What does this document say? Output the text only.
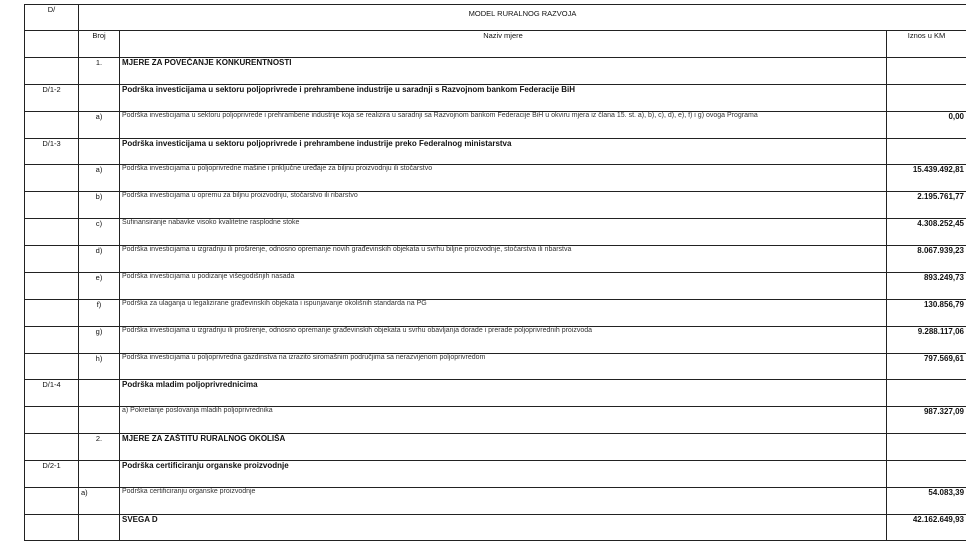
D/	MODEL RURALNOG RAZVOJA		
	Broj	Naziv mjere	Iznos u KM
	1.	MJERE ZA POVEĆANJE KONKURENTNOSTI	
D/1-2		Podrška investicijama u sektoru poljoprivrede i prehrambene industrije u saradnji s Razvojnom bankom Federacije BiH	
	a)	Podrška investicijama u sektoru poljoprivrede i prehrambene industrije koja se realizira u saradnji sa Razvojnom bankom Federacije BiH u okviru mjera iz člana 15. st. a), b), c), d), e), f) i g) ovoga Programa	0,00
D/1-3		Podrška investicijama u sektoru poljoprivrede i prehrambene industrije preko Federalnog ministarstva	
	a)	Podrška investicijama u poljoprivredne mašine i priključne uređaje za biljnu proizvodnju ili stočarstvo	15.439.492,81
	b)	Podrška investicijama u opremu za biljnu proizvodnju, stočarstvo ili ribarstvo	2.195.761,77
	c)	Sufinansiranje nabavke visoko kvalitetne rasplodne stoke	4.308.252,45
	d)	Podrška investicijama u izgradnju ili proširenje, odnosno opremanje novih građevinskih objekata u svrhu biljne proizvodnje, stočarstva ili ribarstva	8.067.939,23
	e)	Podrška investicijama u podizanje višegodišnjih nasada	893.249,73
	f)	Podrška za ulaganja u legalizirane građevinskih objekata i ispunjavanje okolišnih standarda na PG	130.856,79
	g)	Podrška investicijama u izgradnju ili proširenje, odnosno opremanje građevinskih objekata u svrhu obavljanja dorade i prerade poljoprivrednih proizvoda	9.288.117,06
	h)	Podrška investicijama u poljoprivredna gazdinstva na izrazito siromašnim područjima sa nerazvijenom poljoprivredom	797.569,61
D/1-4		Podrška mladim poljoprivrednicima	
		a) Pokretanje poslovanja mladih poljoprivrednika	987.327,09
	2.	MJERE ZA ZAŠTITU RURALNOG OKOLIŠA	
D/2-1		Podrška certificiranju organske proizvodnje	
	a)	Podrška certificiranju organske proizvodnje	54.083,39
		SVEGA D	42.162.649,93
